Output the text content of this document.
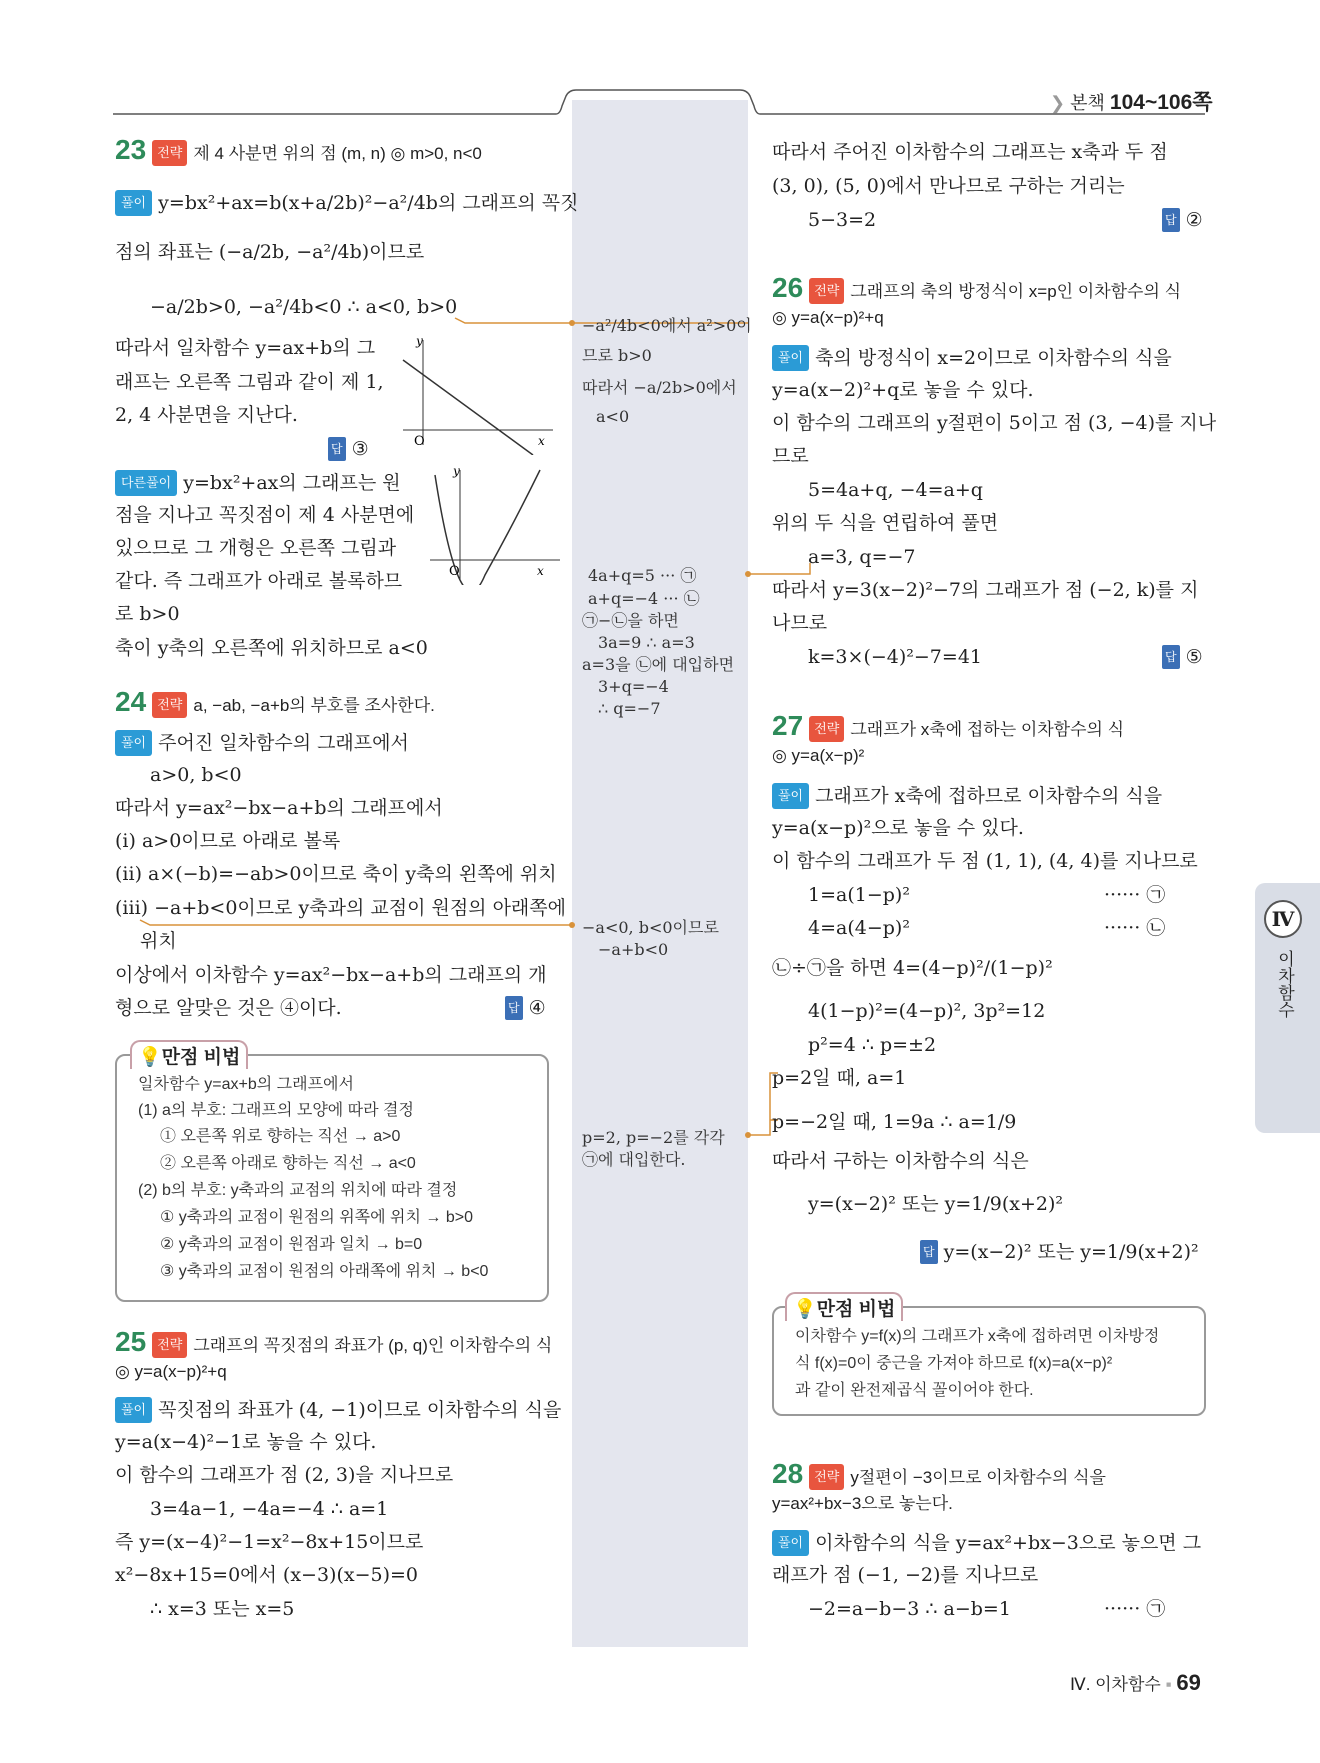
❯ 본책 104~106쪽
23 전략 제 4 사분면 위의 점 (m, n) ◎ m>0, n<0
풀이 y=bx²+ax=b(x+a/2b)²−a²/4b의 그래프의 꼭짓
점의 좌표는 (−a/2b, −a²/4b)이므로
−a/2b>0, −a²/4b<0 ∴ a<0, b>0
따라서 일차함수 y=ax+b의 그
래프는 오른쪽 그림과 같이 제 1,
2, 4 사분면을 지난다.
답 ③
y
x
O
다른풀이 y=bx²+ax의 그래프는 원
점을 지나고 꼭짓점이 제 4 사분면에
있으므로 그 개형은 오른쪽 그림과
같다. 즉 그래프가 아래로 볼록하므
로 b>0
축이 y축의 오른쪽에 위치하므로 a<0
y
x
O
24 전략 a, −ab, −a+b의 부호를 조사한다.
풀이 주어진 일차함수의 그래프에서
a>0, b<0
따라서 y=ax²−bx−a+b의 그래프에서
(i) a>0이므로 아래로 볼록
(ii) a×(−b)=−ab>0이므로 축이 y축의 왼쪽에 위치
(iii) −a+b<0이므로 y축과의 교점이 원점의 아래쪽에
위치
이상에서 이차함수 y=ax²−bx−a+b의 그래프의 개
형으로 알맞은 것은 ④이다.	답 ④
💡만점 비법
일차함수 y=ax+b의 그래프에서
(1) a의 부호: 그래프의 모양에 따라 결정
① 오른쪽 위로 향하는 직선 → a>0
② 오른쪽 아래로 향하는 직선 → a<0
(2) b의 부호: y축과의 교점의 위치에 따라 결정
① y축과의 교점이 원점의 위쪽에 위치 → b>0
② y축과의 교점이 원점과 일치 → b=0
③ y축과의 교점이 원점의 아래쪽에 위치 → b<0
25 전략 그래프의 꼭짓점의 좌표가 (p, q)인 이차함수의 식
◎ y=a(x−p)²+q
풀이 꼭짓점의 좌표가 (4, −1)이므로 이차함수의 식을
y=a(x−4)²−1로 놓을 수 있다.
이 함수의 그래프가 점 (2, 3)을 지나므로
3=4a−1, −4a=−4 ∴ a=1
즉 y=(x−4)²−1=x²−8x+15이므로
x²−8x+15=0에서 (x−3)(x−5)=0
∴ x=3 또는 x=5
따라서 주어진 이차함수의 그래프는 x축과 두 점
(3, 0), (5, 0)에서 만나므로 구하는 거리는
5−3=2	답 ②
26 전략 그래프의 축의 방정식이 x=p인 이차함수의 식
◎ y=a(x−p)²+q
풀이 축의 방정식이 x=2이므로 이차함수의 식을
y=a(x−2)²+q로 놓을 수 있다.
이 함수의 그래프의 y절편이 5이고 점 (3, −4)를 지나
므로
5=4a+q, −4=a+q
위의 두 식을 연립하여 풀면
a=3, q=−7
따라서 y=3(x−2)²−7의 그래프가 점 (−2, k)를 지
나므로
k=3×(−4)²−7=41	답 ⑤
27 전략 그래프가 x축에 접하는 이차함수의 식
◎ y=a(x−p)²
풀이 그래프가 x축에 접하므로 이차함수의 식을
y=a(x−p)²으로 놓을 수 있다.
이 함수의 그래프가 두 점 (1, 1), (4, 4)를 지나므로
1=a(1−p)²	······ ㉠
4=a(4−p)²	······ ㉡
㉡÷㉠을 하면 4=(4−p)²/(1−p)²
4(1−p)²=(4−p)², 3p²=12
p²=4 ∴ p=±2
p=2일 때, a=1
p=−2일 때, 1=9a ∴ a=1/9
따라서 구하는 이차함수의 식은
y=(x−2)² 또는 y=1/9(x+2)²
답 y=(x−2)² 또는 y=1/9(x+2)²
💡만점 비법
이차함수 y=f(x)의 그래프가 x축에 접하려면 이차방정
식 f(x)=0이 중근을 가져야 하므로 f(x)=a(x−p)²
과 같이 완전제곱식 꼴이어야 한다.
28 전략 y절편이 −3이므로 이차함수의 식을
y=ax²+bx−3으로 놓는다.
풀이 이차함수의 식을 y=ax²+bx−3으로 놓으면 그
래프가 점 (−1, −2)를 지나므로
−2=a−b−3 ∴ a−b=1	······ ㉠
−a²/4b<0에서 a²>0이
므로 b>0
따라서 −a/2b>0에서
a<0
4a+q=5 ··· ㉠
a+q=−4 ··· ㉡
㉠−㉡을 하면
3a=9 ∴ a=3
a=3을 ㉡에 대입하면
3+q=−4
∴ q=−7
−a<0, b<0이므로
−a+b<0
p=2, p=−2를 각각
㉠에 대입한다.
Ⅳ
이차함수
Ⅳ. 이차함수 ▪ 69
